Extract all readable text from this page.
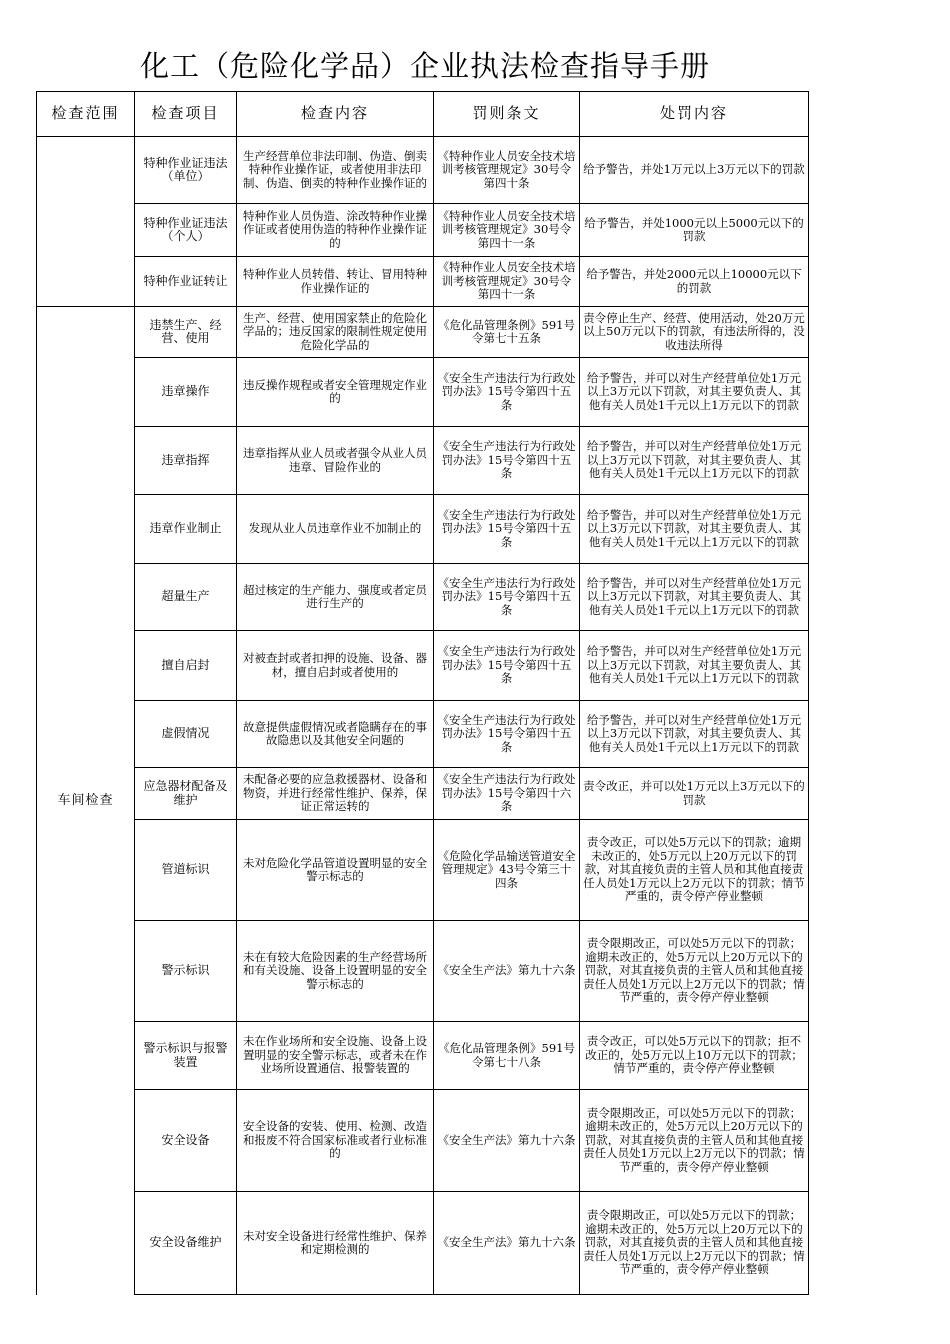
化工（危险化学品）企业执法检查指导手册
检查范围	检查项目	检查内容	罚则条文	处罚内容
	特种作业证违法（单位）	生产经营单位非法印制、伪造、倒卖特种作业操作证，或者使用非法印制、伪造、倒卖的特种作业操作证的	《特种作业人员安全技术培训考核管理规定》30号令第四十条	给予警告，并处1万元以上3万元以下的罚款
	特种作业证违法（个人）	特种作业人员伪造、涂改特种作业操作证或者使用伪造的特种作业操作证的	《特种作业人员安全技术培训考核管理规定》30号令第四十一条	给予警告，并处1000元以上5000元以下的罚款
	特种作业证转让	特种作业人员转借、转让、冒用特种作业操作证的	《特种作业人员安全技术培训考核管理规定》30号令第四十一条	给予警告，并处2000元以上10000元以下的罚款
车间检查	违禁生产、经营、使用	生产、经营、使用国家禁止的危险化学品的；违反国家的限制性规定使用危险化学品的	《危化品管理条例》591号令第七十五条	责令停止生产、经营、使用活动，处20万元以上50万元以下的罚款，有违法所得的，没收违法所得
	违章操作	违反操作规程或者安全管理规定作业的	《安全生产违法行为行政处罚办法》15号令第四十五条	给予警告，并可以对生产经营单位处1万元以上3万元以下罚款，对其主要负责人、其他有关人员处1千元以上1万元以下的罚款
	违章指挥	违章指挥从业人员或者强令从业人员违章、冒险作业的	《安全生产违法行为行政处罚办法》15号令第四十五条	给予警告，并可以对生产经营单位处1万元以上3万元以下罚款，对其主要负责人、其他有关人员处1千元以上1万元以下的罚款
	违章作业制止	发现从业人员违章作业不加制止的	《安全生产违法行为行政处罚办法》15号令第四十五条	给予警告，并可以对生产经营单位处1万元以上3万元以下罚款，对其主要负责人、其他有关人员处1千元以上1万元以下的罚款
	超量生产	超过核定的生产能力、强度或者定员进行生产的	《安全生产违法行为行政处罚办法》15号令第四十五条	给予警告，并可以对生产经营单位处1万元以上3万元以下罚款，对其主要负责人、其他有关人员处1千元以上1万元以下的罚款
	擅自启封	对被查封或者扣押的设施、设备、器材，擅自启封或者使用的	《安全生产违法行为行政处罚办法》15号令第四十五条	给予警告，并可以对生产经营单位处1万元以上3万元以下罚款，对其主要负责人、其他有关人员处1千元以上1万元以下的罚款
	虚假情况	故意提供虚假情况或者隐瞒存在的事故隐患以及其他安全问题的	《安全生产违法行为行政处罚办法》15号令第四十五条	给予警告，并可以对生产经营单位处1万元以上3万元以下罚款，对其主要负责人、其他有关人员处1千元以上1万元以下的罚款
	应急器材配备及维护	未配备必要的应急救援器材、设备和物资，并进行经常性维护、保养，保证正常运转的	《安全生产违法行为行政处罚办法》15号令第四十六条	责令改正，并可以处1万元以上3万元以下的罚款
	管道标识	未对危险化学品管道设置明显的安全警示标志的	《危险化学品输送管道安全管理规定》43号令第三十四条	责令改正，可以处5万元以下的罚款；逾期未改正的，处5万元以上20万元以下的罚款，对其直接负责的主管人员和其他直接责任人员处1万元以上2万元以下的罚款；情节严重的，责令停产停业整顿
	警示标识	未在有较大危险因素的生产经营场所和有关设施、设备上设置明显的安全警示标志的	《安全生产法》第九十六条	责令限期改正，可以处5万元以下的罚款；逾期未改正的，处5万元以上20万元以下的罚款，对其直接负责的主管人员和其他直接责任人员处1万元以上2万元以下的罚款；情节严重的，责令停产停业整顿
	警示标识与报警装置	未在作业场所和安全设施、设备上设置明显的安全警示标志，或者未在作业场所设置通信、报警装置的	《危化品管理条例》591号令第七十八条	责令改正，可以处5万元以下的罚款；拒不改正的，处5万元以上10万元以下的罚款；情节严重的，责令停产停业整顿
	安全设备	安全设备的安装、使用、检测、改造和报废不符合国家标准或者行业标准的	《安全生产法》第九十六条	责令限期改正，可以处5万元以下的罚款；逾期未改正的，处5万元以上20万元以下的罚款，对其直接负责的主管人员和其他直接责任人员处1万元以上2万元以下的罚款；情节严重的，责令停产停业整顿
	安全设备维护	未对安全设备进行经常性维护、保养和定期检测的	《安全生产法》第九十六条	责令限期改正，可以处5万元以下的罚款；逾期未改正的，处5万元以上20万元以下的罚款，对其直接负责的主管人员和其他直接责任人员处1万元以上2万元以下的罚款；情节严重的，责令停产停业整顿
